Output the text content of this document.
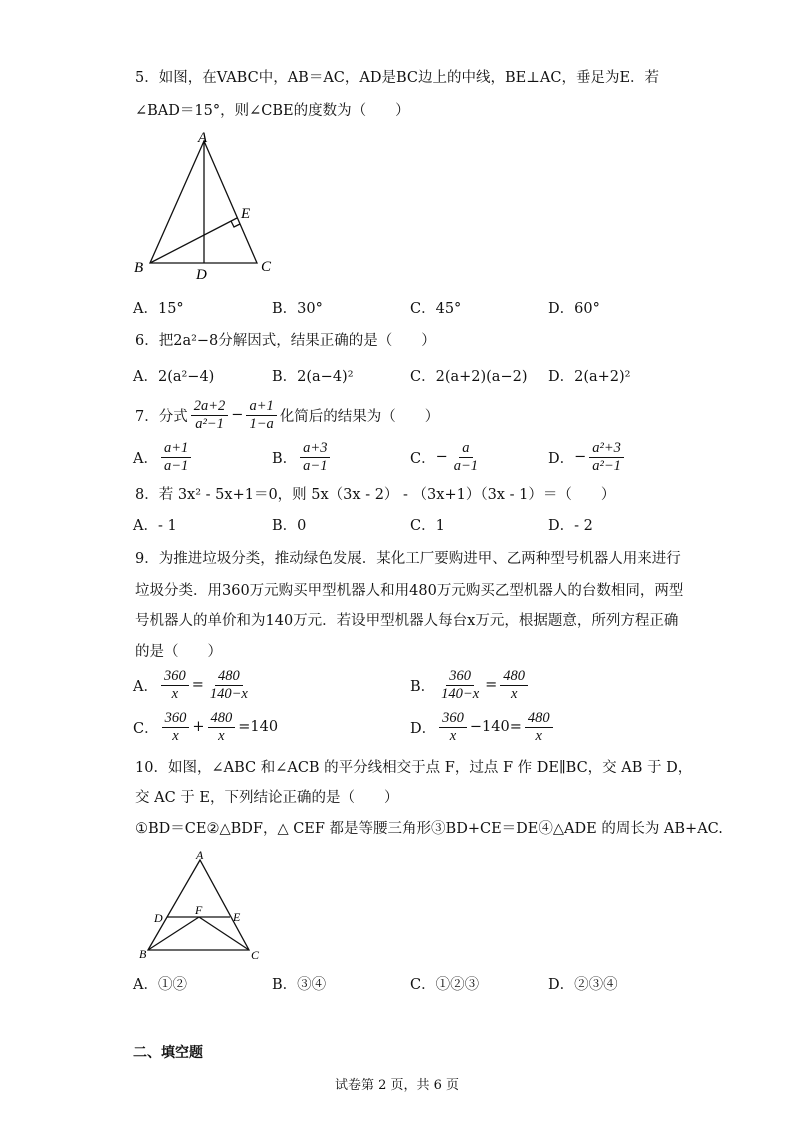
5．如图，在VABC中，AB＝AC，AD是BC边上的中线，BE⊥AC，垂足为E．若
∠BAD＝15°，则∠CBE的度数为（　　）
A
B	C
D
E
A．15°	B．30°	C．45°	D．60°
6．把2a²−8分解因式，结果正确的是（　　）
A．2(a²−4)	B．2(a−4)²	C．2(a+2)(a−2) D．2(a+2)²
7．分式 $\frac{2a+2}{\text{a²−1}} - \frac{a+1}{1-a}$ 化简后的结果为（　　）
A． $\frac{a+1}{a-1}$	B． $\frac{a+3}{a-1}$	C． − $\frac{a}{a-1}$	D． − $\frac{\text{a²+3}}{\text{a²−1}}$
8．若 3x² - 5x+1＝0，则 5x（3x - 2） - （3x+1）（3x - 1）＝（　　）
A．- 1	B．0	C．1	D．- 2
9．为推进垃圾分类，推动绿色发展．某化工厂要购进甲、乙两种型号机器人用来进行
垃圾分类．用360万元购买甲型机器人和用480万元购买乙型机器人的台数相同，两型
号机器人的单价和为140万元．若设甲型机器人每台x万元，根据题意，所列方程正确
的是（　　）
A． $\frac{360}{x} = \frac{480}{140-x}$	B． $\frac{360}{140-x} = \frac{480}{x}$
C． $\frac{360}{x} + \frac{480}{x} =140$	D． $\frac{360}{x} -140= \frac{480}{x}$
10．如图，∠ABC 和∠ACB 的平分线相交于点 F，过点 F 作 DE∥BC，交 AB 于 D，
交 AC 于 E，下列结论正确的是（　　）
①BD＝CE②△BDF，△ CEF 都是等腰三角形③BD+CE＝DE④△ADE 的周长为 AB+AC.
A
D
F	E
B	C
A．①②	B．③④	C．①②③	D．②③④
二、填空题
试卷第 2 页，共 6 页
